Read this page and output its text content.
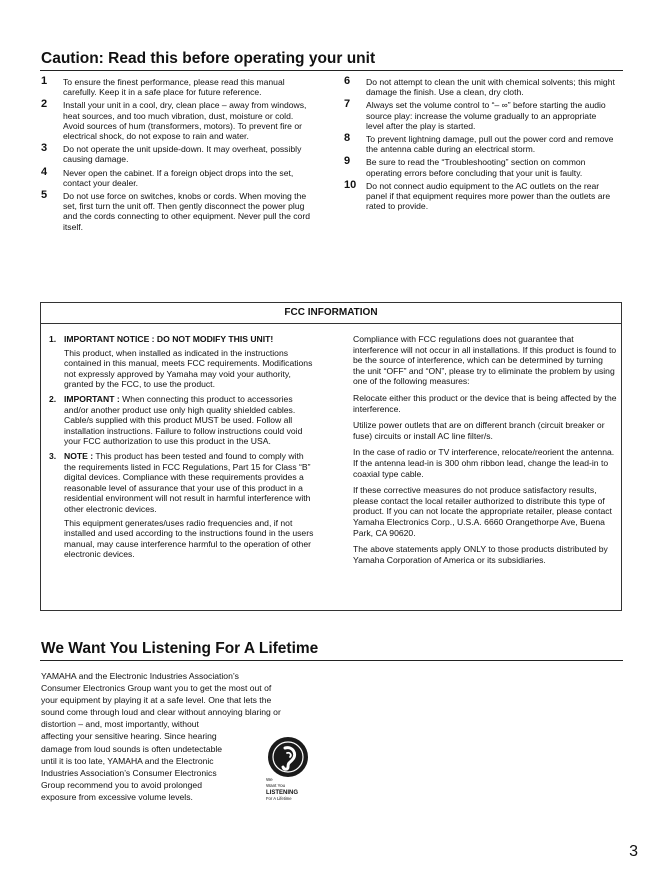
Caution: Read this before operating your unit
1 To ensure the finest performance, please read this manual carefully. Keep it in a safe place for future reference.
2 Install your unit in a cool, dry, clean place – away from windows, heat sources, and too much vibration, dust, moisture or cold. Avoid sources of hum (transformers, motors). To prevent fire or electrical shock, do not expose to rain and water.
3 Do not operate the unit upside-down. It may overheat, possibly causing damage.
4 Never open the cabinet. If a foreign object drops into the set, contact your dealer.
5 Do not use force on switches, knobs or cords. When moving the set, first turn the unit off. Then gently disconnect the power plug and the cords connecting to other equipment. Never pull the cord itself.
6 Do not attempt to clean the unit with chemical solvents; this might damage the finish. Use a clean, dry cloth.
7 Always set the volume control to “– ∞” before starting the audio source play: increase the volume gradually to an appropriate level after the play is started.
8 To prevent lightning damage, pull out the power cord and remove the antenna cable during an electrical storm.
9 Be sure to read the “Troubleshooting” section on common operating errors before concluding that your unit is faulty.
10 Do not connect audio equipment to the AC outlets on the rear panel if that equipment requires more power than the outlets are rated to provide.
FCC INFORMATION
1. IMPORTANT NOTICE : DO NOT MODIFY THIS UNIT!

This product, when installed as indicated in the instructions contained in this manual, meets FCC requirements. Modifications not expressly approved by Yamaha may void your authority, granted by the FCC, to use the product.

2. IMPORTANT : When connecting this product to accessories and/or another product use only high quality shielded cables. Cable/s supplied with this product MUST be used. Follow all installation instructions. Failure to follow instructions could void your FCC authorization to use this product in the USA.

3. NOTE : This product has been tested and found to comply with the requirements listed in FCC Regulations, Part 15 for Class “B” digital devices. Compliance with these requirements provides a reasonable level of assurance that your use of this product in a residential environment will not result in harmful interference with other electronic devices.

This equipment generates/uses radio frequencies and, if not installed and used according to the instructions found in the users manual, may cause interference harmful to the operation of other electronic devices.

Compliance with FCC regulations does not guarantee that interference will not occur in all installations. If this product is found to be the source of interference, which can be determined by turning the unit “OFF” and “ON”, please try to eliminate the problem by using one of the following measures:

Relocate either this product or the device that is being affected by the interference.

Utilize power outlets that are on different branch (circuit breaker or fuse) circuits or install AC line filter/s.

In the case of radio or TV interference, relocate/reorient the antenna. If the antenna lead-in is 300 ohm ribbon lead, change the lead-in to coaxial type cable.

If these corrective measures do not produce satisfactory results, please contact the local retailer authorized to distribute this type of product. If you can not locate the appropriate retailer, please contact Yamaha Electronics Corp., U.S.A. 6660 Orangethorpe Ave, Buena Park, CA 90620.

The above statements apply ONLY to those products distributed by Yamaha Corporation of America or its subsidiaries.

We Want You Listening For A Lifetime
YAMAHA and the Electronic Industries Association’s
Consumer Electronics Group want you to get the most out of
your equipment by playing it at a safe level. One that lets the
sound come through loud and clear without annoying blaring or
distortion – and, most importantly, without
affecting your sensitive hearing. Since hearing
damage from loud sounds is often undetectable
until it is too late, YAMAHA and the Electronic
Industries Association’s Consumer Electronics
Group recommend you to avoid prolonged
exposure from excessive volume levels.
We
Want You
LISTENING
For A Lifetime
3
